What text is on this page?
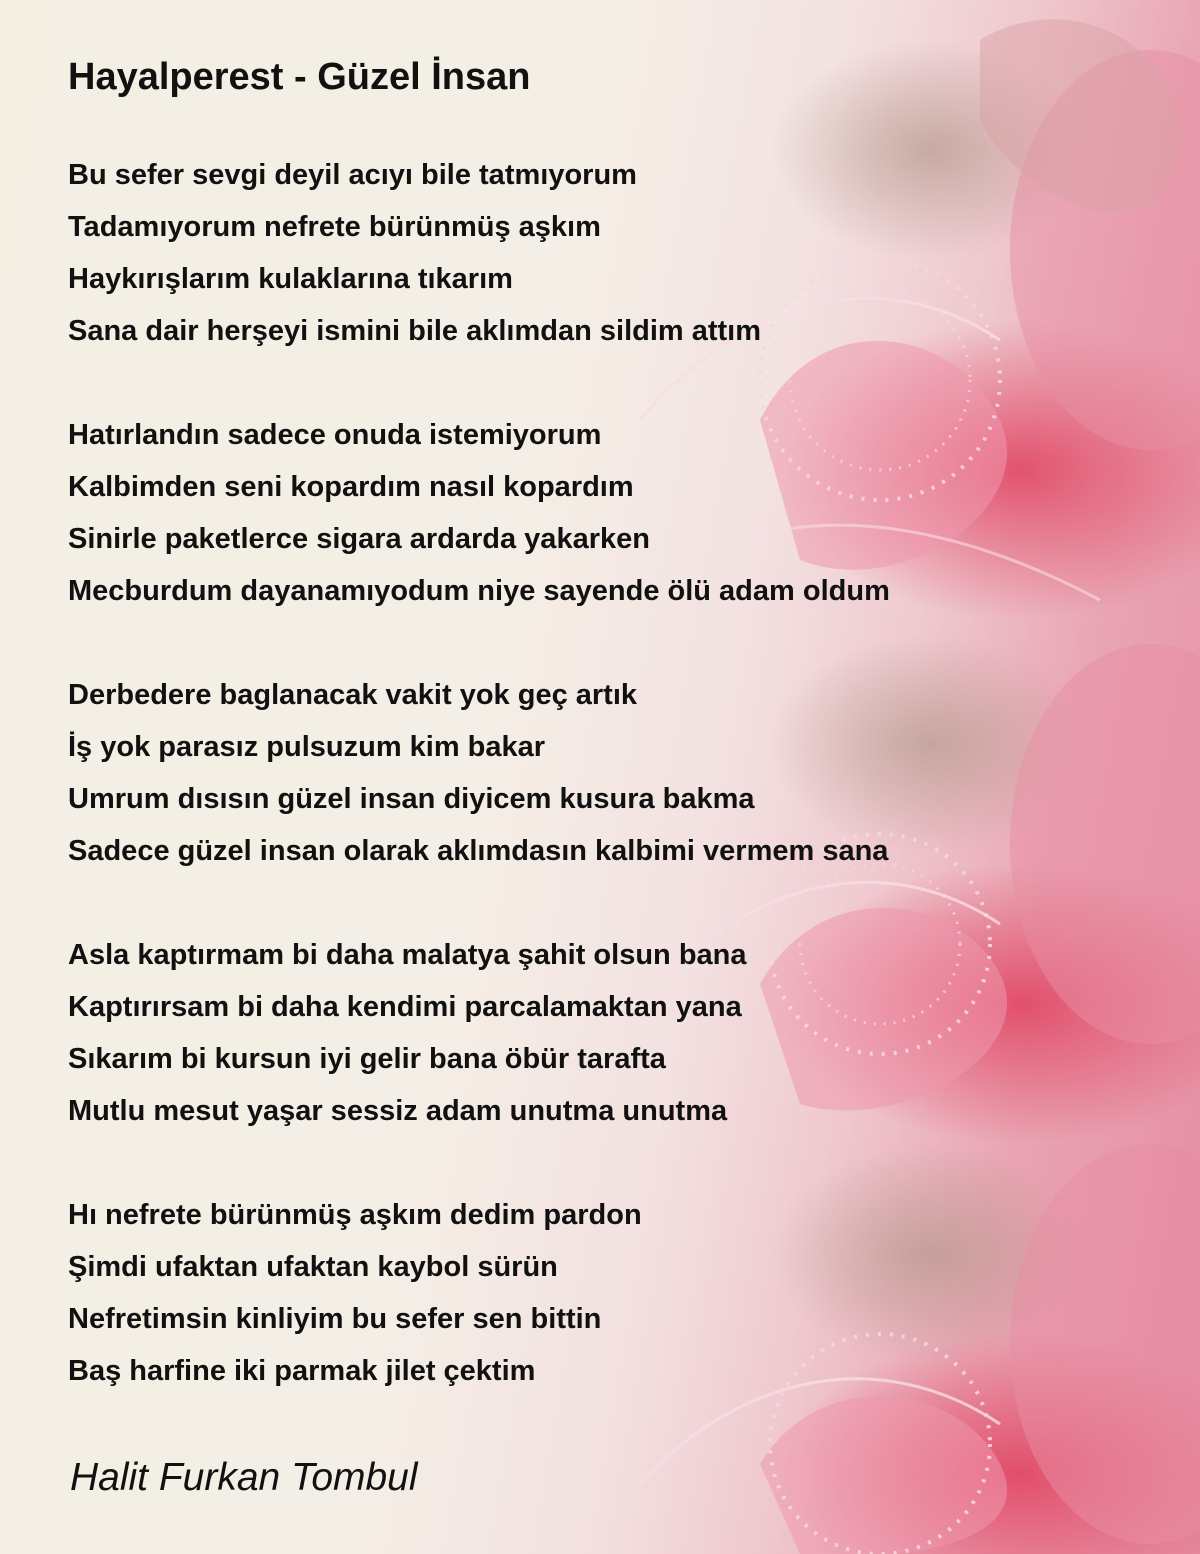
Hayalperest - Güzel İnsan
Bu sefer sevgi deyil acıyı bile tatmıyorum
Tadamıyorum nefrete bürünmüş aşkım
Haykırışlarım kulaklarına tıkarım
Sana dair herşeyi ismini bile aklımdan sildim attım
Hatırlandın sadece onuda istemiyorum
Kalbimden seni kopardım nasıl kopardım
Sinirle paketlerce sigara ardarda yakarken
Mecburdum dayanamıyodum niye sayende ölü adam oldum
Derbedere baglanacak vakit yok geç artık
İş yok parasız pulsuzum kim bakar
Umrum dısısın güzel insan diyicem kusura bakma
Sadece güzel insan olarak aklımdasın kalbimi vermem sana
Asla kaptırmam bi daha malatya şahit olsun bana
Kaptırırsam bi daha kendimi parcalamaktan yana
Sıkarım bi kursun iyi gelir bana öbür tarafta
Mutlu mesut yaşar sessiz adam unutma unutma
Hı nefrete bürünmüş aşkım dedim pardon
Şimdi ufaktan ufaktan kaybol sürün
Nefretimsin kinliyim bu sefer sen bittin
Baş harfine iki parmak jilet çektim
Halit Furkan Tombul
